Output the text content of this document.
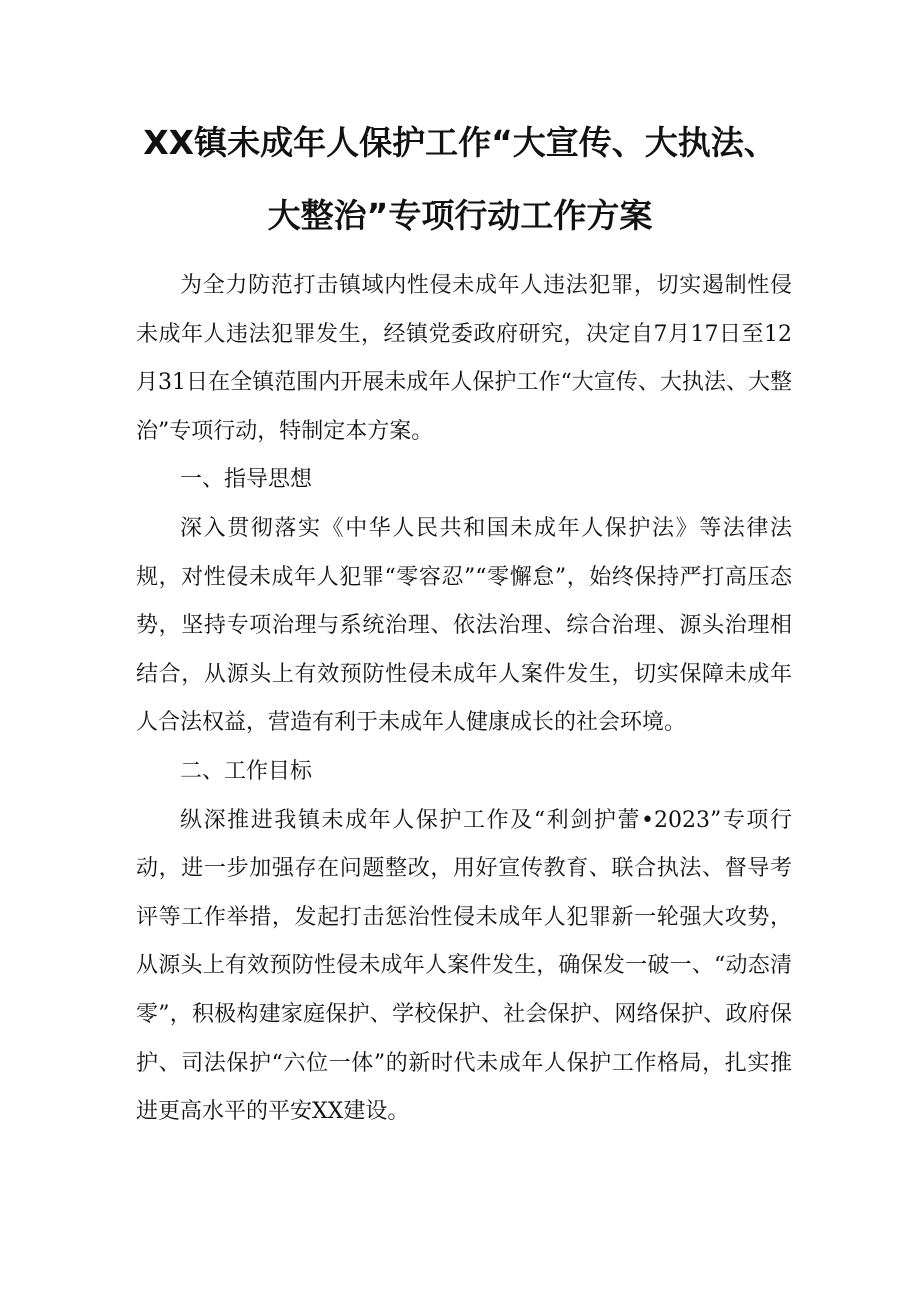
XX镇未成年人保护工作“大宣传、大执法、
大整治”专项行动工作方案

为全力防范打击镇域内性侵未成年人违法犯罪，切实遏制性侵未成年人违法犯罪发生，经镇党委政府研究，决定自7月17日至12月31日在全镇范围内开展未成年人保护工作“大宣传、大执法、大整治”专项行动，特制定本方案。

一、指导思想

深入贯彻落实《中华人民共和国未成年人保护法》等法律法规，对性侵未成年人犯罪“零容忍”“零懈怠”，始终保持严打高压态势，坚持专项治理与系统治理、依法治理、综合治理、源头治理相结合，从源头上有效预防性侵未成年人案件发生，切实保障未成年人合法权益，营造有利于未成年人健康成长的社会环境。

二、工作目标

纵深推进我镇未成年人保护工作及“利剑护蕾•2023”专项行动，进一步加强存在问题整改，用好宣传教育、联合执法、督导考评等工作举措，发起打击惩治性侵未成年人犯罪新一轮强大攻势，从源头上有效预防性侵未成年人案件发生，确保发一破一、“动态清零”，积极构建家庭保护、学校保护、社会保护、网络保护、政府保护、司法保护“六位一体”的新时代未成年人保护工作格局，扎实推进更高水平的平安XX建设。
